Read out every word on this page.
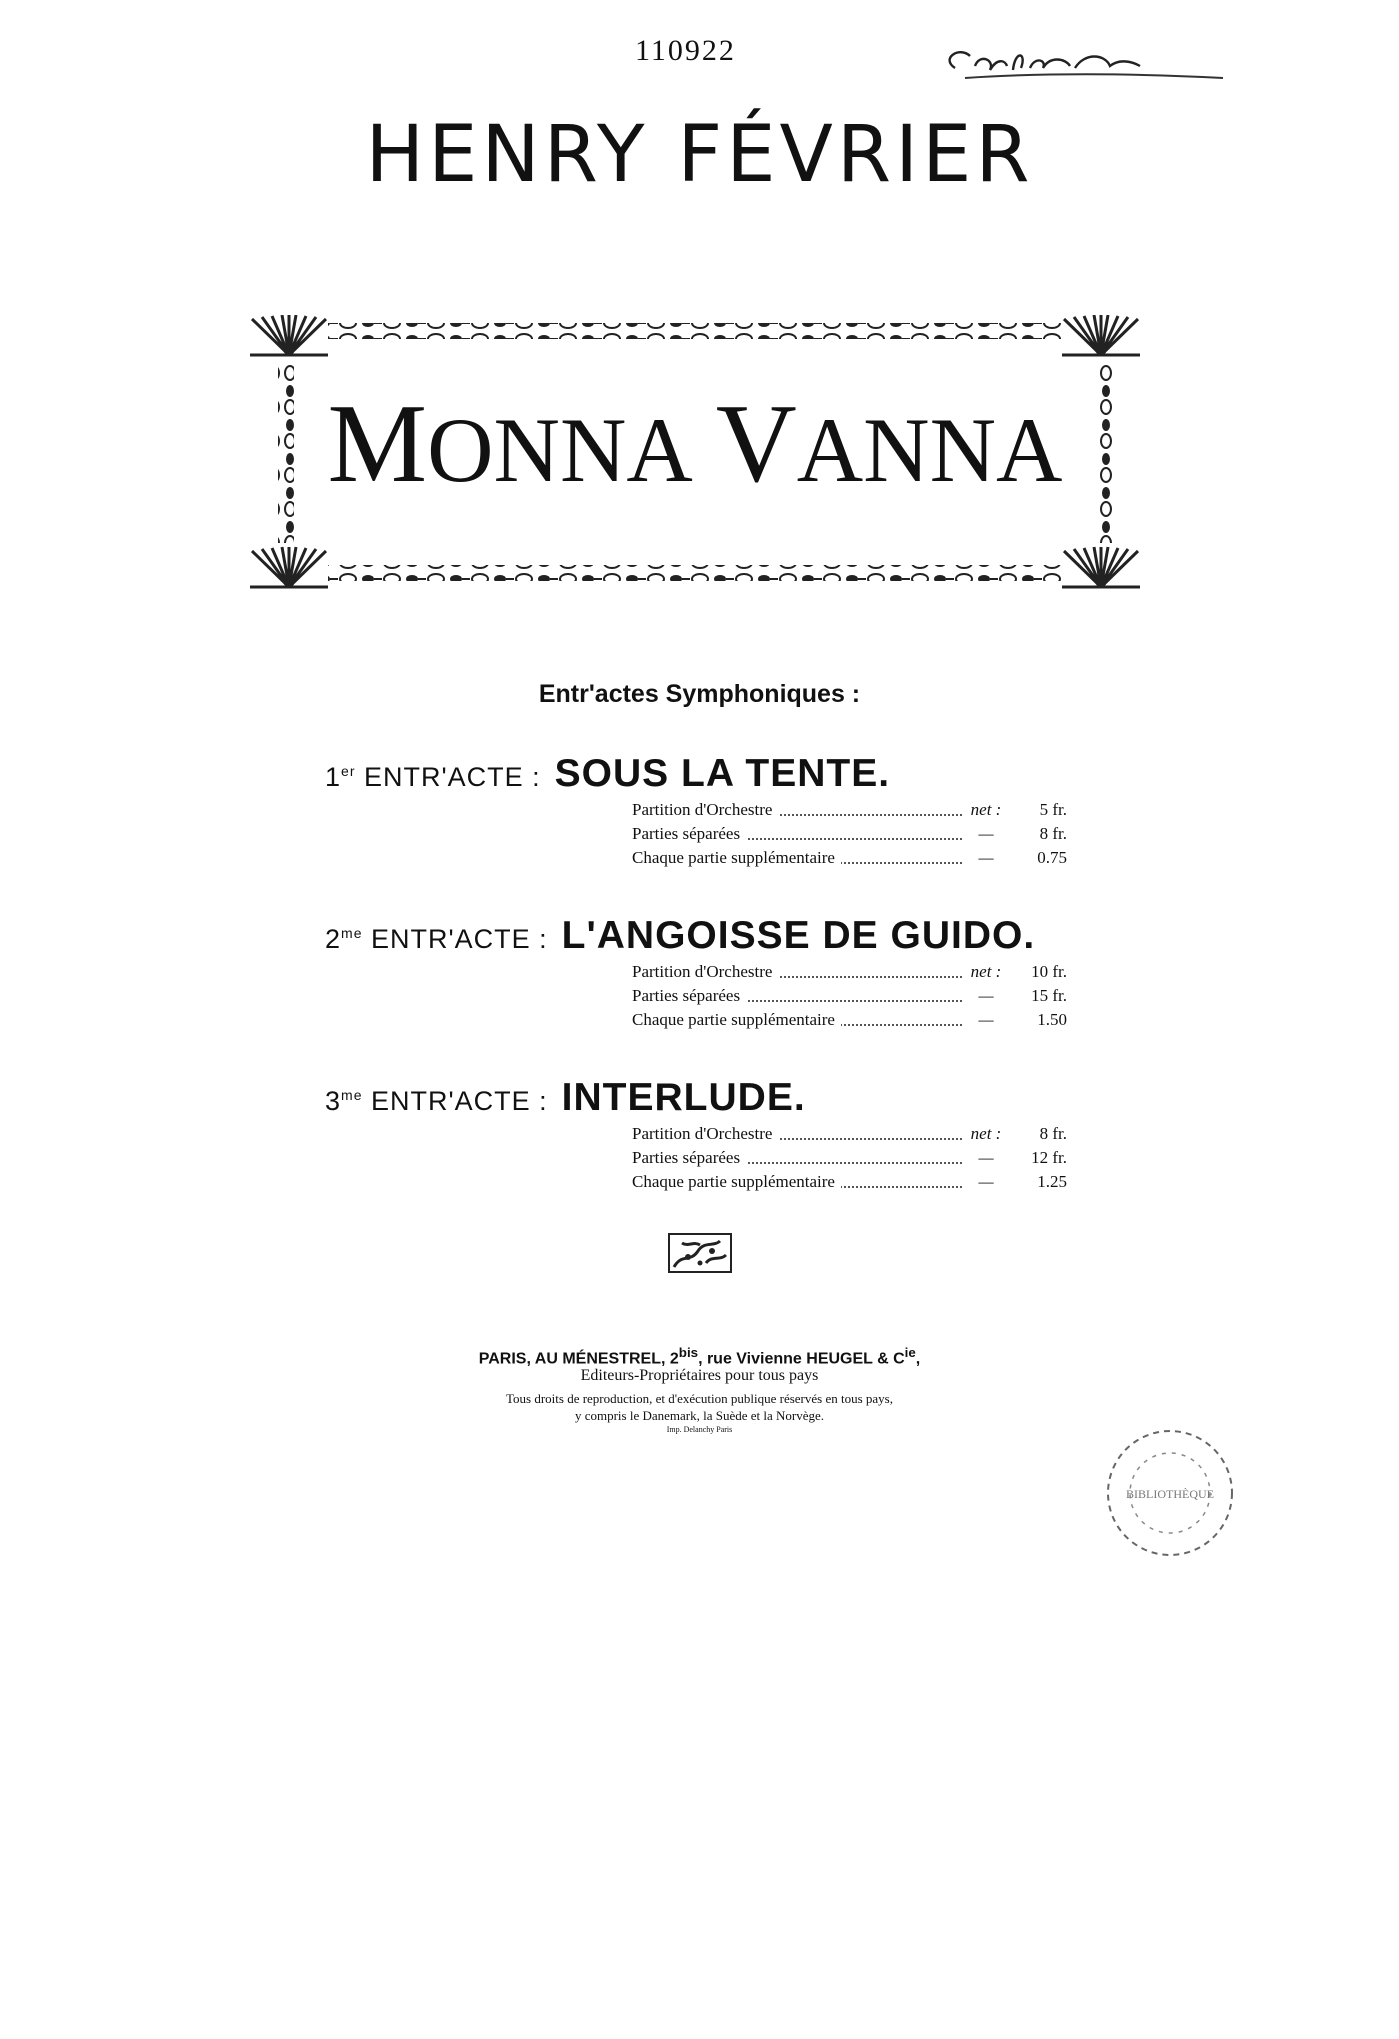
110922
HENRY FÉVRIER
MONNA VANNA
Entr'actes Symphoniques :
1er ENTR'ACTE : SOUS LA TENTE.
Partition d'Orchestre	net :	5 fr.
Parties séparées	—	8 fr.
Chaque partie supplémentaire	—	0.75
$2^{me}$ ENTR'ACTE : L'ANGOISSE DE GUIDO.
Partition d'Orchestre	net :	10 fr.
Parties séparées	—	15 fr.
Chaque partie supplémentaire	—	1.50
$3^{me}$ ENTR'ACTE : INTERLUDE.
Partition d'Orchestre	net :	8 fr.
Parties séparées	—	12 fr.
Chaque partie supplémentaire	—	1.25
PARIS, AU MÉNESTREL, $2^{bis}$, rue Vivienne HEUGEL & $C^{ie}$,
Editeurs-Propriétaires pour tous pays
Tous droits de reproduction, et d'exécution publique réservés en tous pays,
y compris le Danemark, la Suède et la Norvège.
Imp. Delanchy Paris
BIBLIOTHÈQUE
